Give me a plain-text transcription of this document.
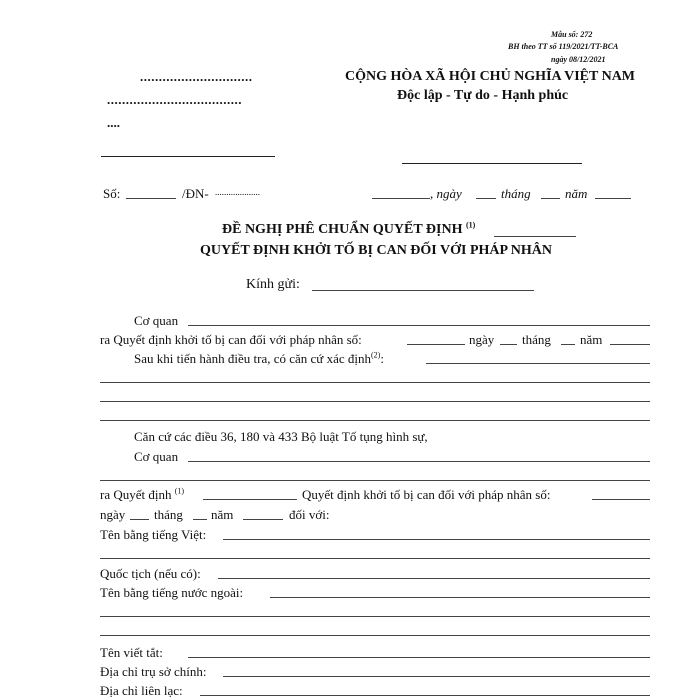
Mẫu số: 272
BH theo TT số 119/2021/TT-BCA
ngày 08/12/2021
..............................
....................................
....
CỘNG HÒA XÃ HỘI CHỦ NGHĨA VIỆT NAM
Độc lập - Tự do - Hạnh phúc
Số:	/ĐN- ....................	, ngày	tháng	năm
ĐỀ NGHỊ PHÊ CHUẨN QUYẾT ĐỊNH $^{(1)}$
QUYẾT ĐỊNH KHỞI TỐ BỊ CAN ĐỐI VỚI PHÁP NHÂN
Kính gửi:
Cơ quan
ra Quyết định khởi tố bị can đối với pháp nhân số:	ngày tháng năm
Sau khi tiến hành điều tra, có căn cứ xác định$^{(2)}$:
Căn cứ các điều 36, 180 và 433 Bộ luật Tố tụng hình sự,
Cơ quan
ra Quyết định $^{(1)}$	Quyết định khởi tố bị can đối với pháp nhân số:
ngày tháng năm	đối với:
Tên bằng tiếng Việt:
Quốc tịch (nếu có):
Tên bằng tiếng nước ngoài:
Tên viết tắt:
Địa chỉ trụ sở chính:
Địa chỉ liên lạc:
